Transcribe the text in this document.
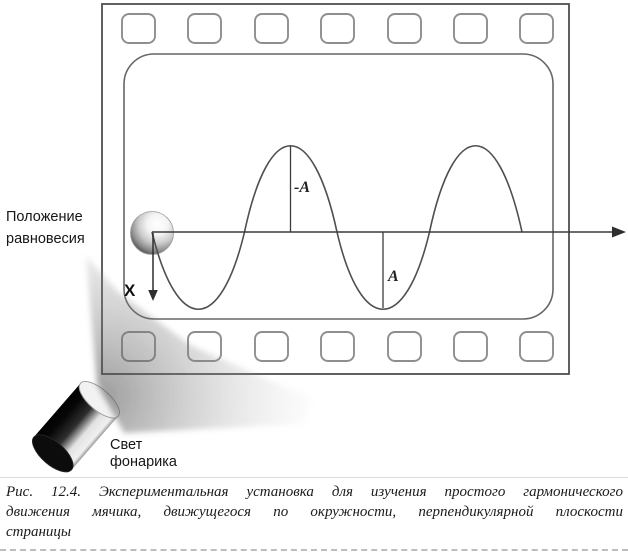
Положение
равновесия
X
-A
A
Свет
фонарика
Рис. 12.4. Экспериментальная установка для изучения простого гармонического
движения мячика, движущегося по окружности, перпендикулярной плоскости
страницы
